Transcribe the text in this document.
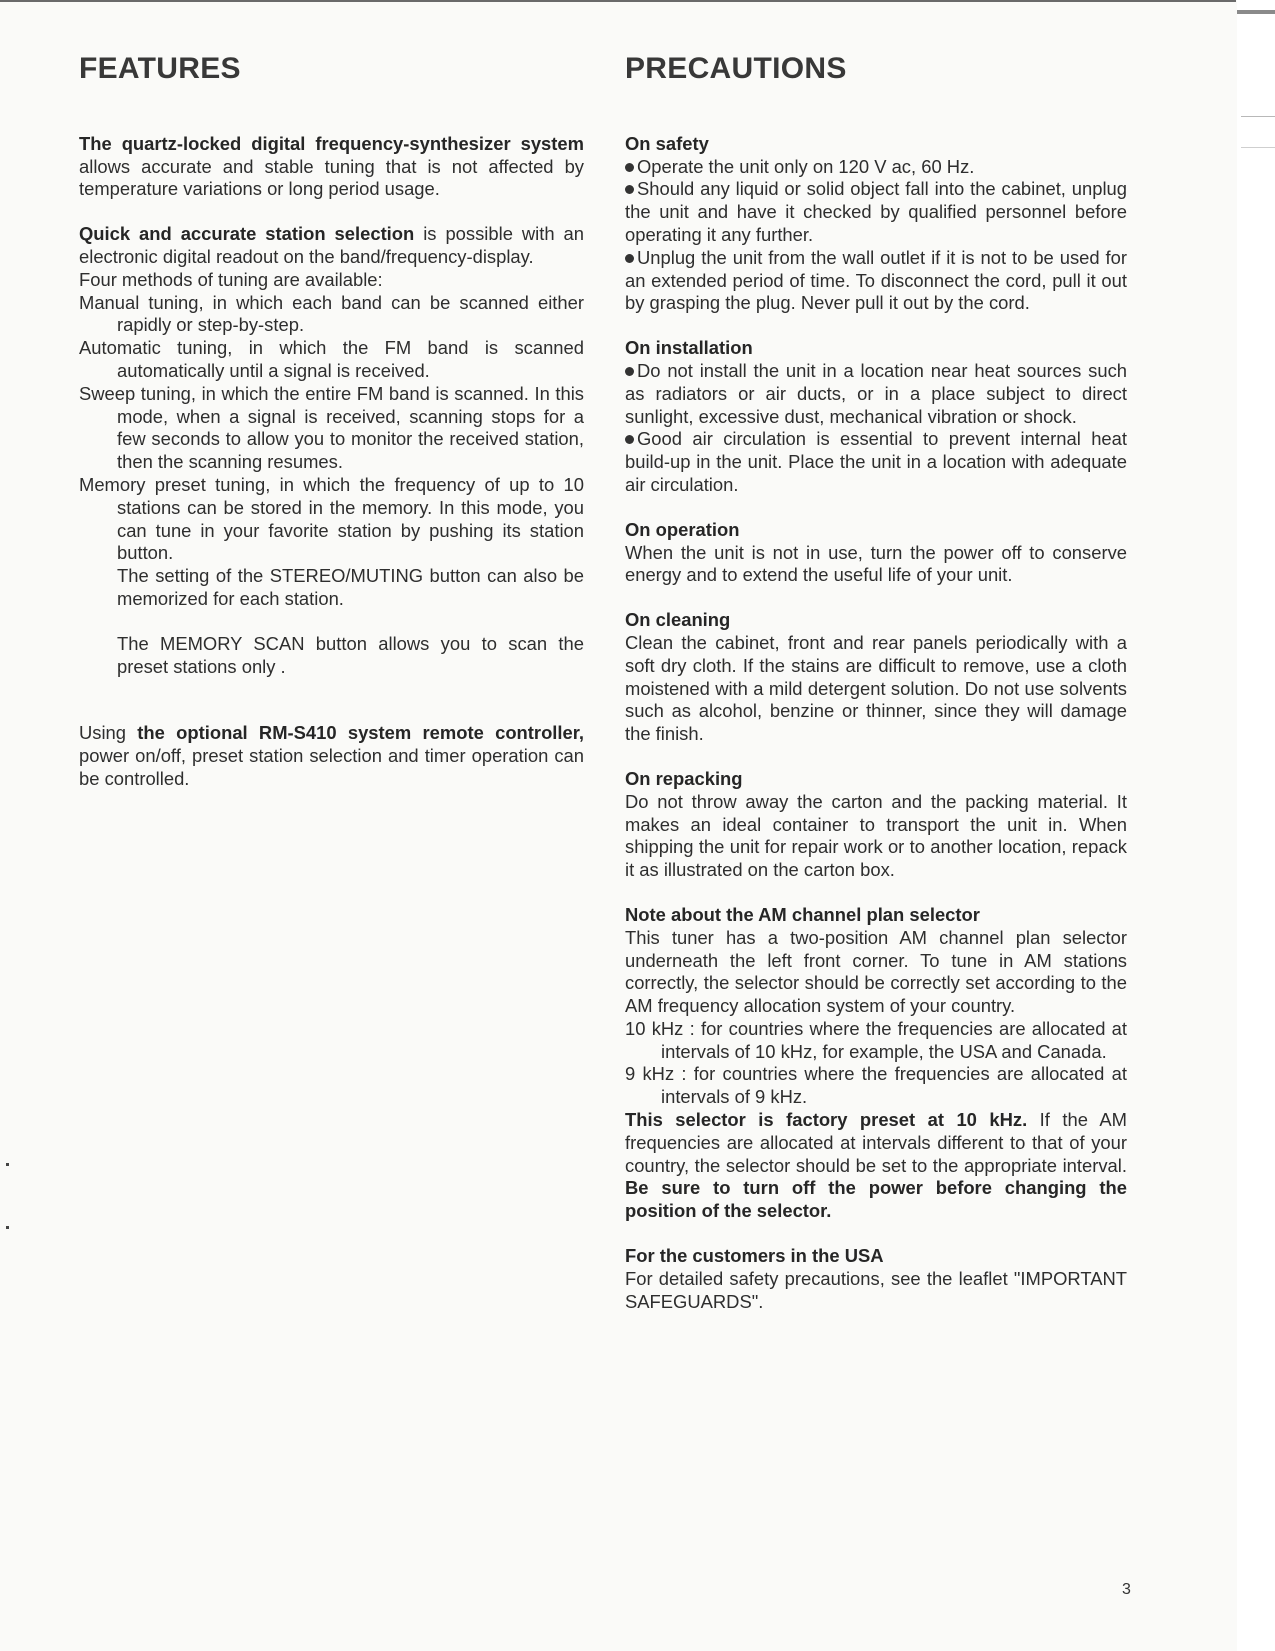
FEATURES

The quartz-locked digital frequency-synthesizer system allows accurate and stable tuning that is not affected by temperature variations or long period usage.

Quick and accurate station selection is possible with an electronic digital readout on the band/frequency-display.

Four methods of tuning are available:

Manual tuning, in which each band can be scanned either rapidly or step-by-step.

Automatic tuning, in which the FM band is scanned automatically until a signal is received.

Sweep tuning, in which the entire FM band is scanned. In this mode, when a signal is received, scanning stops for a few seconds to allow you to monitor the received station, then the scanning resumes.

Memory preset tuning, in which the frequency of up to 10 stations can be stored in the memory. In this mode, you can tune in your favorite station by pushing its station button.

The setting of the STEREO/MUTING button can also be memorized for each station.

The MEMORY SCAN button allows you to scan the preset stations only .

Using the optional RM-S410 system remote controller, power on/off, preset station selection and timer operation can be controlled.

PRECAUTIONS
On safety

Operate the unit only on 120 V ac, 60 Hz.

Should any liquid or solid object fall into the cabinet, unplug the unit and have it checked by qualified personnel before operating it any further.

Unplug the unit from the wall outlet if it is not to be used for an extended period of time. To disconnect the cord, pull it out by grasping the plug. Never pull it out by the cord.

On installation

Do not install the unit in a location near heat sources such as radiators or air ducts, or in a place subject to direct sunlight, excessive dust, mechanical vibration or shock.

Good air circulation is essential to prevent internal heat build-up in the unit. Place the unit in a location with adequate air circulation.

On operation

When the unit is not in use, turn the power off to conserve energy and to extend the useful life of your unit.

On cleaning

Clean the cabinet, front and rear panels periodically with a soft dry cloth. If the stains are difficult to remove, use a cloth moistened with a mild detergent solution. Do not use solvents such as alcohol, benzine or thinner, since they will damage the finish.

On repacking

Do not throw away the carton and the packing material. It makes an ideal container to transport the unit in. When shipping the unit for repair work or to another location, repack it as illustrated on the carton box.

Note about the AM channel plan selector

This tuner has a two-position AM channel plan selector underneath the left front corner. To tune in AM stations correctly, the selector should be correctly set according to the AM frequency allocation system of your country.

10 kHz : for countries where the frequencies are allocated at intervals of 10 kHz, for example, the USA and Canada.

9 kHz : for countries where the frequencies are allocated at intervals of 9 kHz.

This selector is factory preset at 10 kHz. If the AM frequencies are allocated at intervals different to that of your country, the selector should be set to the appropriate interval. Be sure to turn off the power before changing the position of the selector.

For the customers in the USA

For detailed safety precautions, see the leaflet "IMPORTANT SAFEGUARDS".

3
